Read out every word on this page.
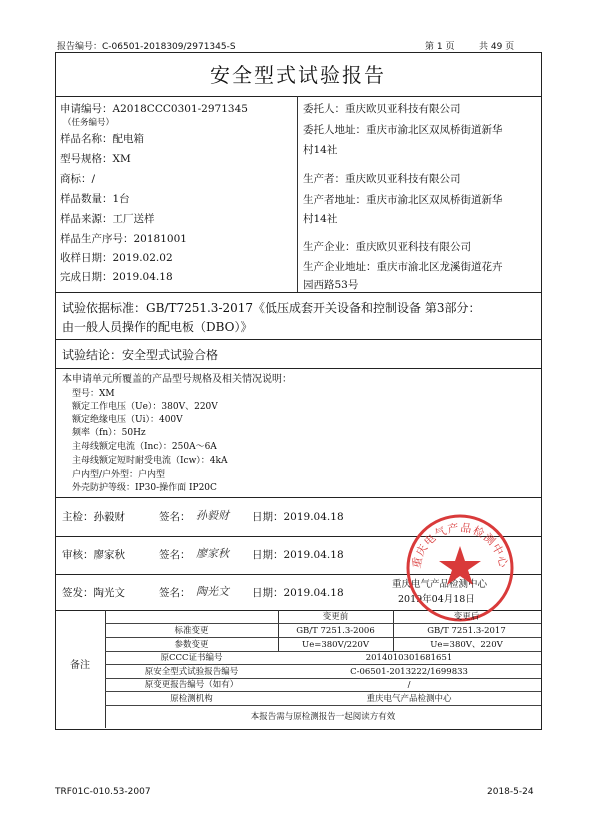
报告编号：C-06501-2018309/2971345-S	第 1 页	共 49 页
安全型式试验报告
申请编号：A2018CCC0301-2971345
（任务编号）
样品名称：配电箱
型号规格：XM
商标：/
样品数量：1台
样品来源：工厂送样
样品生产序号：20181001
收样日期：2019.02.02
完成日期：2019.04.18
委托人：重庆欧贝亚科技有限公司
委托人地址：重庆市渝北区双凤桥街道新华
村14社
生产者：重庆欧贝亚科技有限公司
生产者地址：重庆市渝北区双凤桥街道新华
村14社
生产企业：重庆欧贝亚科技有限公司
生产企业地址：重庆市渝北区龙溪街道花卉
园西路53号
试验依据标准：GB/T7251.3-2017《低压成套开关设备和控制设备 第3部分：
由一般人员操作的配电板（DBO）》
试验结论：安全型式试验合格
本申请单元所覆盖的产品型号规格及相关情况说明：
型号：XM
额定工作电压（Ue）：380V、220V
额定绝缘电压（Ui）：400V
频率（fn）：50Hz
主母线额定电流（Inc）：250A～6A
主母线额定短时耐受电流（Icw）：4kA
户内型/户外型：户内型
外壳防护等级：IP30-操作面 IP20C
主检：孙毅财	签名： 孙毅财 日期：2019.04.18
审核：廖家秋	签名： 廖家秋 日期：2019.04.18
签发：陶光文	签名： 陶光文 日期：2019.04.18
重庆电气产品检测中心
2019年04月18日
重庆电气产品检测中心
备注
变更前	变更后
标准变更	GB/T 7251.3-2006	GB/T 7251.3-2017
参数变更	Ue=380V/220V	Ue=380V、220V
原CCC证书编号	2014010301681651
原安全型式试验报告编号	C-06501-2013222/1699833
原变更报告编号（如有）	/
原检测机构	重庆电气产品检测中心
本报告需与原检测报告一起阅读方有效
TRF01C-010.53-2007	2018-5-24
